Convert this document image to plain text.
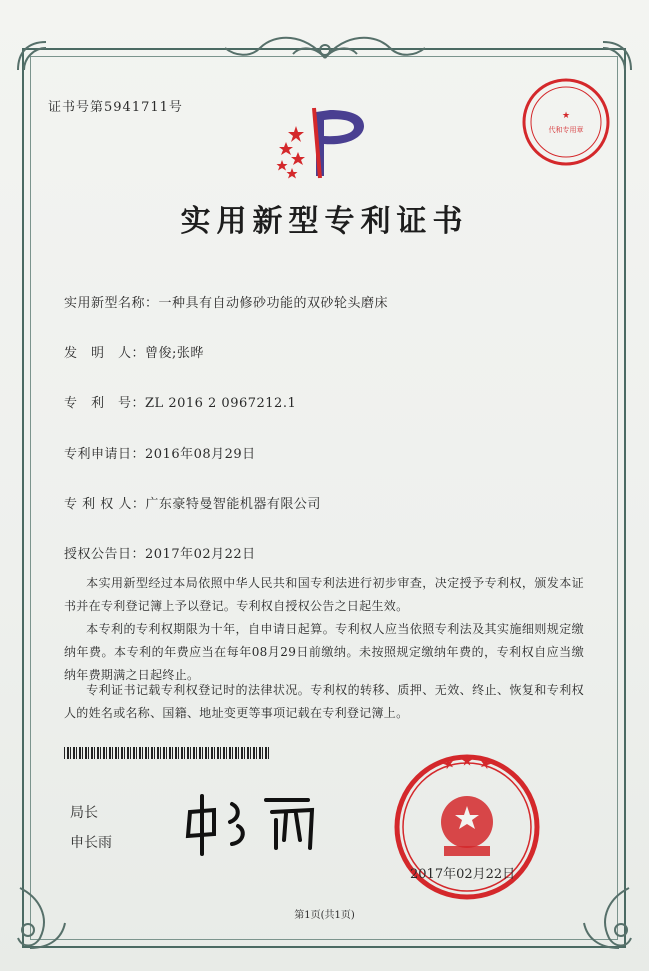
证书号第5941711号
★
代和专用章
实用新型专利证书
实用新型名称：一种具有自动修砂功能的双砂轮头磨床
发　明　人：曾俊;张晔
专　利　号：ZL 2016 2 0967212.1
专利申请日：2016年08月29日
专 利 权 人：广东豪特曼智能机器有限公司
授权公告日：2017年02月22日
本实用新型经过本局依照中华人民共和国专利法进行初步审查，决定授予专利权，颁发本证书并在专利登记簿上予以登记。专利权自授权公告之日起生效。
本专利的专利权期限为十年，自申请日起算。专利权人应当依照专利法及其实施细则规定缴纳年费。本专利的年费应当在每年08月29日前缴纳。未按照规定缴纳年费的，专利权自应当缴纳年费期满之日起终止。
专利证书记载专利权登记时的法律状况。专利权的转移、质押、无效、终止、恢复和专利权人的姓名或名称、国籍、地址变更等事项记载在专利登记簿上。
局长
申长雨
★ ★ ★
2017年02月22日
第1页(共1页)
